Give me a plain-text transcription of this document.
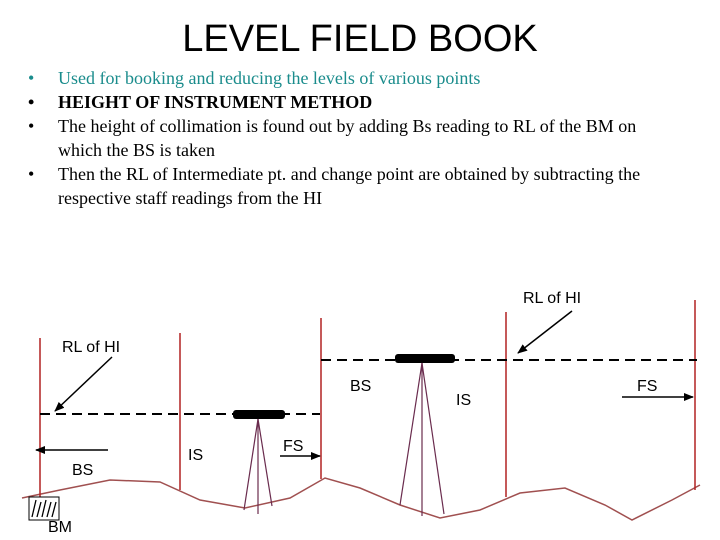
LEVEL FIELD BOOK
• Used for booking and reducing the levels of various points
• HEIGHT OF INSTRUMENT METHOD
• The height of collimation is found out by adding Bs reading to RL of the BM on which the BS is taken
• Then the RL of Intermediate pt. and change point are obtained by subtracting the respective staff readings from the HI
RL of HI
RL of HI
BS
IS
FS
BS
IS
FS
BM
